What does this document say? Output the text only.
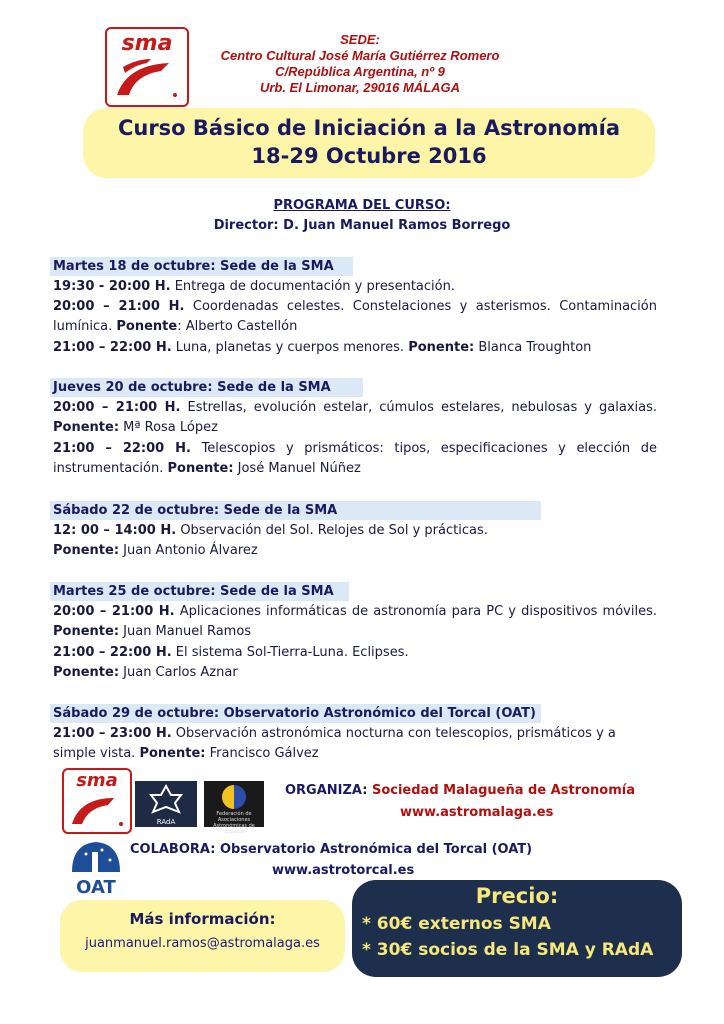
sma	SEDE:
Centro Cultural José María Gutiérrez Romero
C/República Argentina, nº 9
Urb. El Limonar, 29016 MÁLAGA
Curso Básico de Iniciación a la Astronomía
18-29 Octubre 2016
PROGRAMA DEL CURSO:
Director: D. Juan Manuel Ramos Borrego
Martes 18 de octubre: Sede de la SMA
19:30 - 20:00 H. Entrega de documentación y presentación.
20:00 – 21:00 H. Coordenadas celestes. Constelaciones y asterismos. Contaminación lumínica. Ponente: Alberto Castellón
21:00 – 22:00 H. Luna, planetas y cuerpos menores. Ponente: Blanca Troughton
Jueves 20 de octubre: Sede de la SMA
20:00 – 21:00 H. Estrellas, evolución estelar, cúmulos estelares, nebulosas y galaxias. Ponente: Mª Rosa López
21:00 – 22:00 H. Telescopios y prismáticos: tipos, especificaciones y elección de instrumentación. Ponente: José Manuel Núñez
Sábado 22 de octubre: Sede de la SMA
12: 00 – 14:00 H. Observación del Sol. Relojes de Sol y prácticas.
Ponente: Juan Antonio Álvarez
Martes 25 de octubre: Sede de la SMA
20:00 – 21:00 H. Aplicaciones informáticas de astronomía para PC y dispositivos móviles. Ponente: Juan Manuel Ramos
21:00 – 22:00 H. El sistema Sol-Tierra-Luna. Eclipses.
Ponente: Juan Carlos Aznar
Sábado 29 de octubre: Observatorio Astronómico del Torcal (OAT)
21:00 – 23:00 H. Observación astronómica nocturna con telescopios, prismáticos y a simple vista. Ponente: Francisco Gálvez
sma
RAdA
Federación de Asociaciones Astronómicas de España
OAT
ORGANIZA: Sociedad Malagueña de Astronomía
www.astromalaga.es
COLABORA: Observatorio Astronómica del Torcal (OAT)
www.astrotorcal.es
Más información:
juanmanuel.ramos@astromalaga.es
Precio:
* 60€ externos SMA
* 30€ socios de la SMA y RAdA
